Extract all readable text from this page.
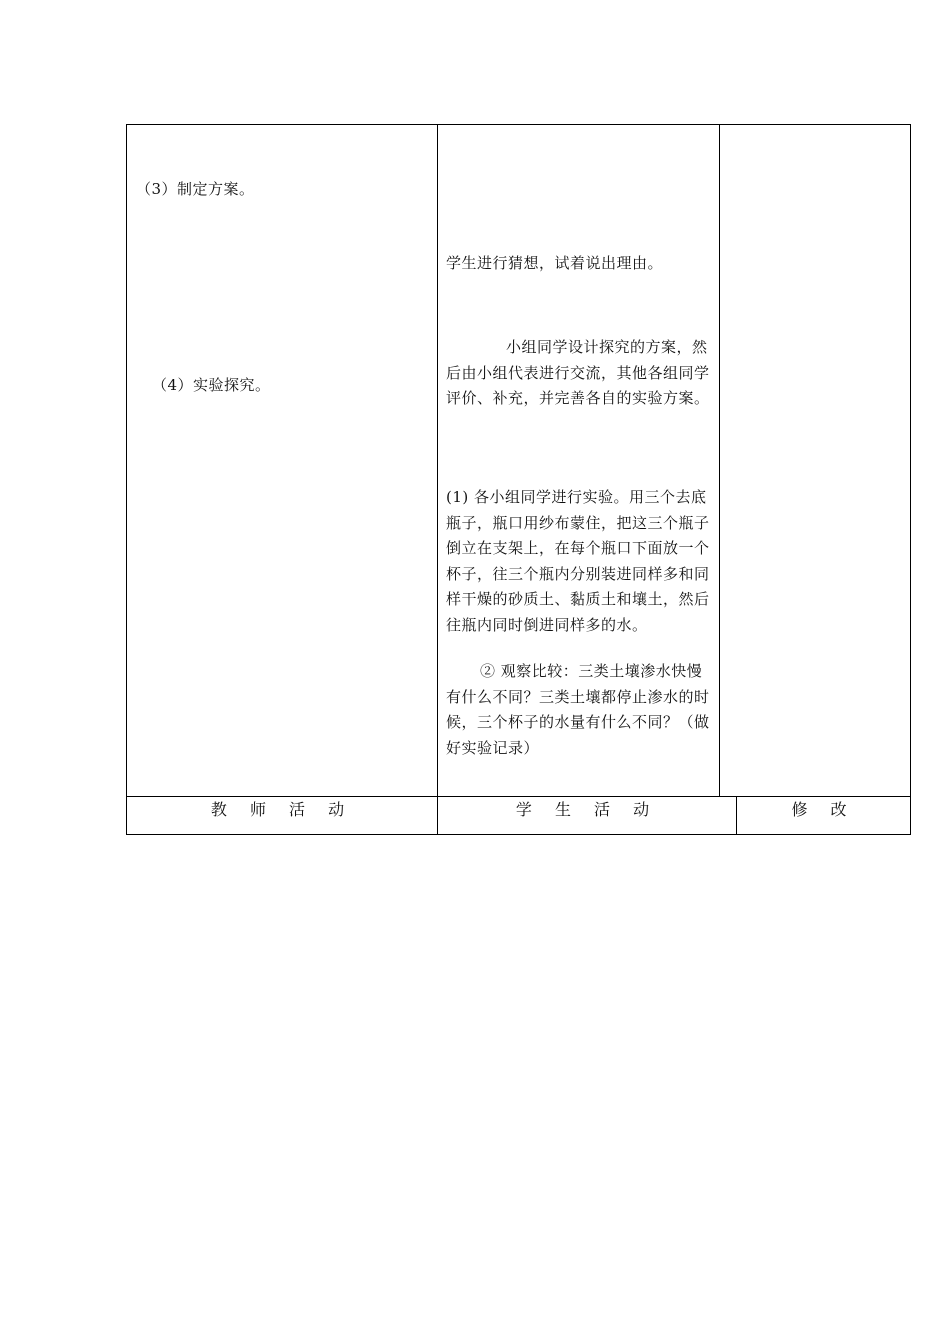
（3）制定方案。
（4）实验探究。
学生进行猜想，试着说出理由。
小组同学设计探究的方案，然后由小组代表进行交流，其他各组同学评价、补充，并完善各自的实验方案。
(1) 各小组同学进行实验。用三个去底瓶子，瓶口用纱布蒙住，把这三个瓶子倒立在支架上，在每个瓶口下面放一个杯子，往三个瓶内分别装进同样多和同样干燥的砂质土、黏质土和壤土，然后往瓶内同时倒进同样多的水。
② 观察比较：三类土壤渗水快慢有什么不同？三类土壤都停止渗水的时候，三个杯子的水量有什么不同？（做好实验记录）
教 师 活 动	学 生 活 动	修 改
